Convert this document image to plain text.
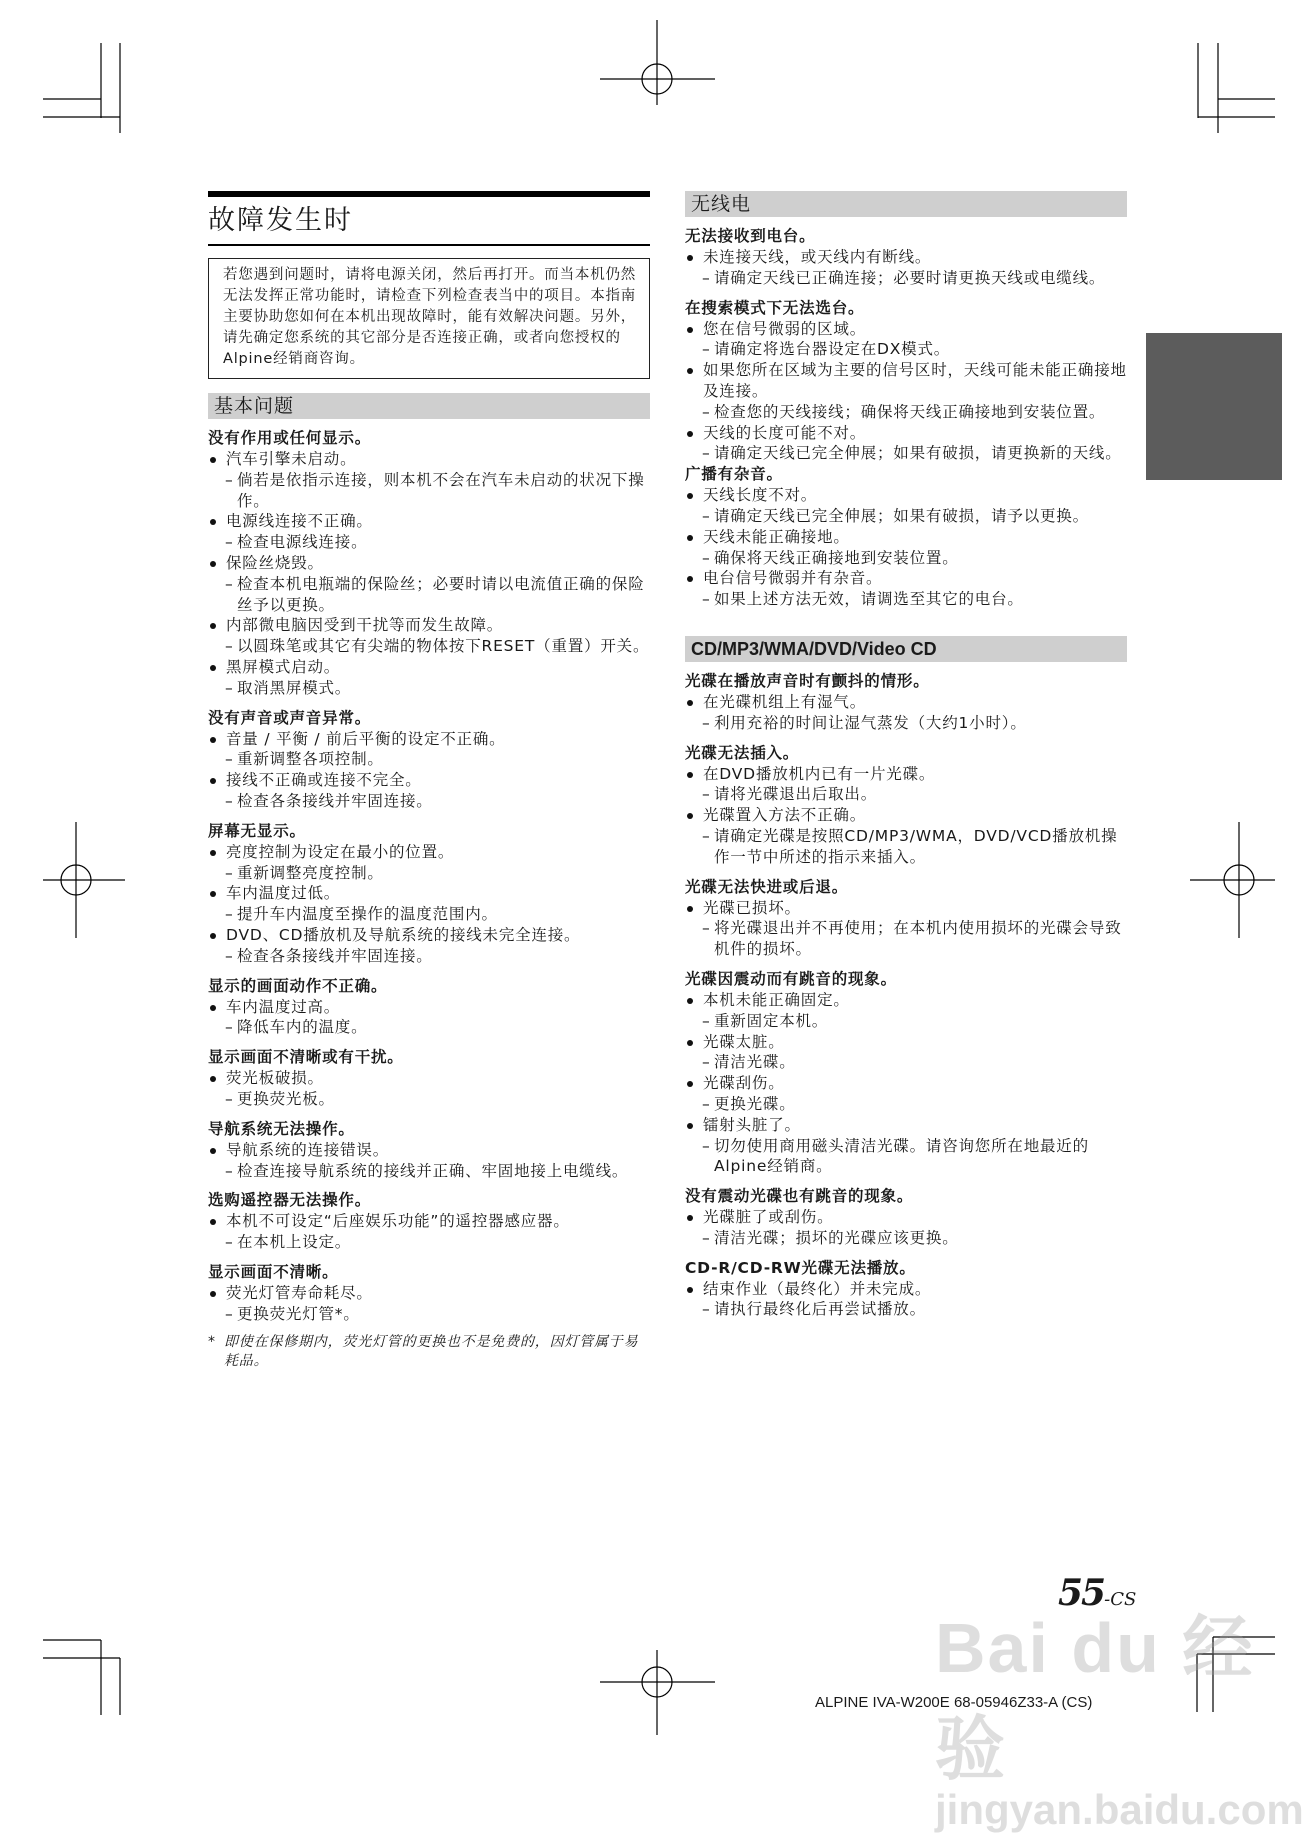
故障发生时
若您遇到问题时，请将电源关闭，然后再打开。而当本机仍然无法发挥正常功能时，请检查下列检查表当中的项目。本指南主要协助您如何在本机出现故障时，能有效解决问题。另外，请先确定您系统的其它部分是否连接正确，或者向您授权的Alpine经销商咨询。
基本问题
没有作用或任何显示。
汽车引擎未启动。
– 倘若是依指示连接，则本机不会在汽车未启动的状况下操作。
电源线连接不正确。
– 检查电源线连接。
保险丝烧毁。
– 检查本机电瓶端的保险丝；必要时请以电流值正确的保险丝予以更换。
内部微电脑因受到干扰等而发生故障。
– 以圆珠笔或其它有尖端的物体按下RESET（重置）开关。
黑屏模式启动。
– 取消黑屏模式。
没有声音或声音异常。
音量 / 平衡 / 前后平衡的设定不正确。
– 重新调整各项控制。
接线不正确或连接不完全。
– 检查各条接线并牢固连接。
屏幕无显示。
亮度控制为设定在最小的位置。
– 重新调整亮度控制。
车内温度过低。
– 提升车内温度至操作的温度范围内。
DVD、CD播放机及导航系统的接线未完全连接。
– 检查各条接线并牢固连接。
显示的画面动作不正确。
车内温度过高。
– 降低车内的温度。
显示画面不清晰或有干扰。
荧光板破损。
– 更换荧光板。
导航系统无法操作。
导航系统的连接错误。
– 检查连接导航系统的接线并正确、牢固地接上电缆线。
选购遥控器无法操作。
本机不可设定“后座娱乐功能”的遥控器感应器。
– 在本机上设定。
显示画面不清晰。
荧光灯管寿命耗尽。
– 更换荧光灯管*。
* 即使在保修期内，荧光灯管的更换也不是免费的，因灯管属于易耗品。
无线电
无法接收到电台。
未连接天线，或天线内有断线。
– 请确定天线已正确连接；必要时请更换天线或电缆线。
在搜索模式下无法选台。
您在信号微弱的区域。
– 请确定将选台器设定在DX模式。
如果您所在区域为主要的信号区时，天线可能未能正确接地及连接。
– 检查您的天线接线；确保将天线正确接地到安装位置。
天线的长度可能不对。
– 请确定天线已完全伸展；如果有破损，请更换新的天线。
广播有杂音。
天线长度不对。
– 请确定天线已完全伸展；如果有破损，请予以更换。
天线未能正确接地。
– 确保将天线正确接地到安装位置。
电台信号微弱并有杂音。
– 如果上述方法无效，请调选至其它的电台。
CD/MP3/WMA/DVD/Video CD
光碟在播放声音时有颤抖的情形。
在光碟机组上有湿气。
– 利用充裕的时间让湿气蒸发（大约1小时）。
光碟无法插入。
在DVD播放机内已有一片光碟。
– 请将光碟退出后取出。
光碟置入方法不正确。
– 请确定光碟是按照CD/MP3/WMA，DVD/VCD播放机操作一节中所述的指示来插入。
光碟无法快进或后退。
光碟已损坏。
– 将光碟退出并不再使用；在本机内使用损坏的光碟会导致机件的损坏。
光碟因震动而有跳音的现象。
本机未能正确固定。
– 重新固定本机。
光碟太脏。
– 清洁光碟。
光碟刮伤。
– 更换光碟。
镭射头脏了。
– 切勿使用商用磁头清洁光碟。请咨询您所在地最近的Alpine经销商。
没有震动光碟也有跳音的现象。
光碟脏了或刮伤。
– 清洁光碟；损坏的光碟应该更换。
CD-R/CD-RW光碟无法播放。
结束作业（最终化）并未完成。
– 请执行最终化后再尝试播放。
Bai du 经验
jingyan.baidu.com
55-CS
ALPINE IVA-W200E 68-05946Z33-A (CS)
